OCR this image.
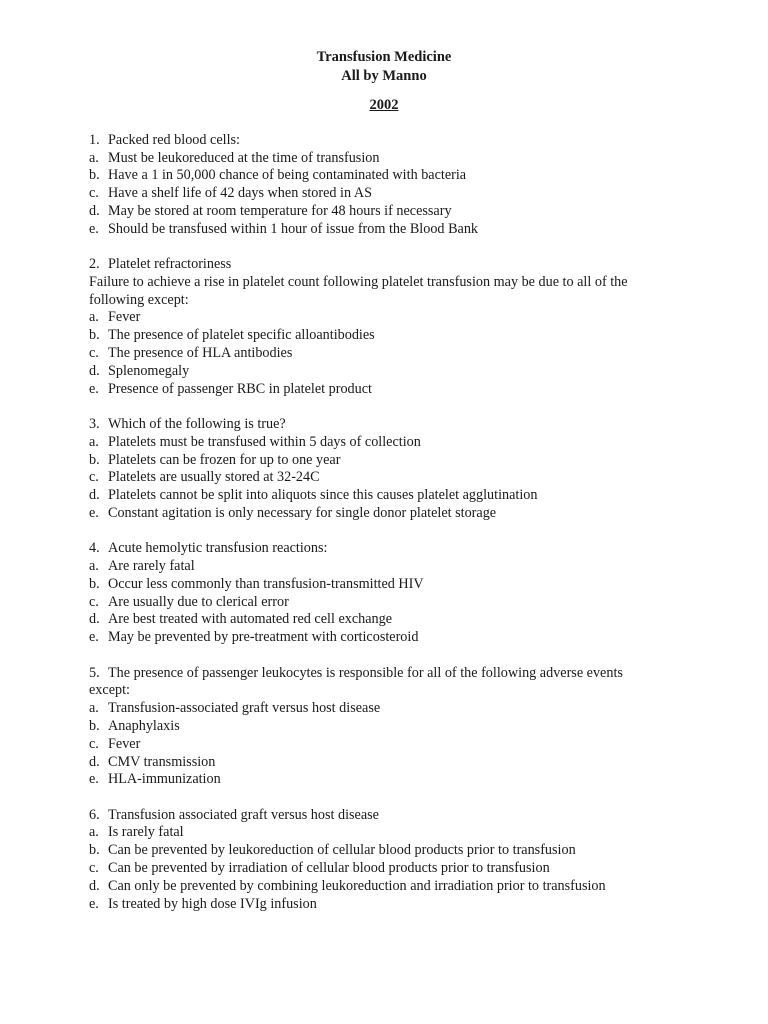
Transfusion Medicine
All by Manno
2002
1. Packed red blood cells:
a. Must be leukoreduced at the time of transfusion
b. Have a 1 in 50,000 chance of being contaminated with bacteria
c. Have a shelf life of 42 days when stored in AS
d. May be stored at room temperature for 48 hours if necessary
e. Should be transfused within 1 hour of issue from the Blood Bank
2. Platelet refractoriness
Failure to achieve a rise in platelet count following platelet transfusion may be due to all of the following except:
a. Fever
b. The presence of platelet specific alloantibodies
c. The presence of HLA antibodies
d. Splenomegaly
e. Presence of passenger RBC in platelet product
3. Which of the following is true?
a. Platelets must be transfused within 5 days of collection
b. Platelets can be frozen for up to one year
c. Platelets are usually stored at 32-24C
d. Platelets cannot be split into aliquots since this causes platelet agglutination
e. Constant agitation is only necessary for single donor platelet storage
4. Acute hemolytic transfusion reactions:
a. Are rarely fatal
b. Occur less commonly than transfusion-transmitted HIV
c. Are usually due to clerical error
d. Are best treated with automated red cell exchange
e. May be prevented by pre-treatment with corticosteroid
5. The presence of passenger leukocytes is responsible for all of the following adverse events
except:
a. Transfusion-associated graft versus host disease
b. Anaphylaxis
c. Fever
d. CMV transmission
e. HLA-immunization
6. Transfusion associated graft versus host disease
a. Is rarely fatal
b. Can be prevented by leukoreduction of cellular blood products prior to transfusion
c. Can be prevented by irradiation of cellular blood products prior to transfusion
d. Can only be prevented by combining leukoreduction and irradiation prior to transfusion
e. Is treated by high dose IVIg infusion
